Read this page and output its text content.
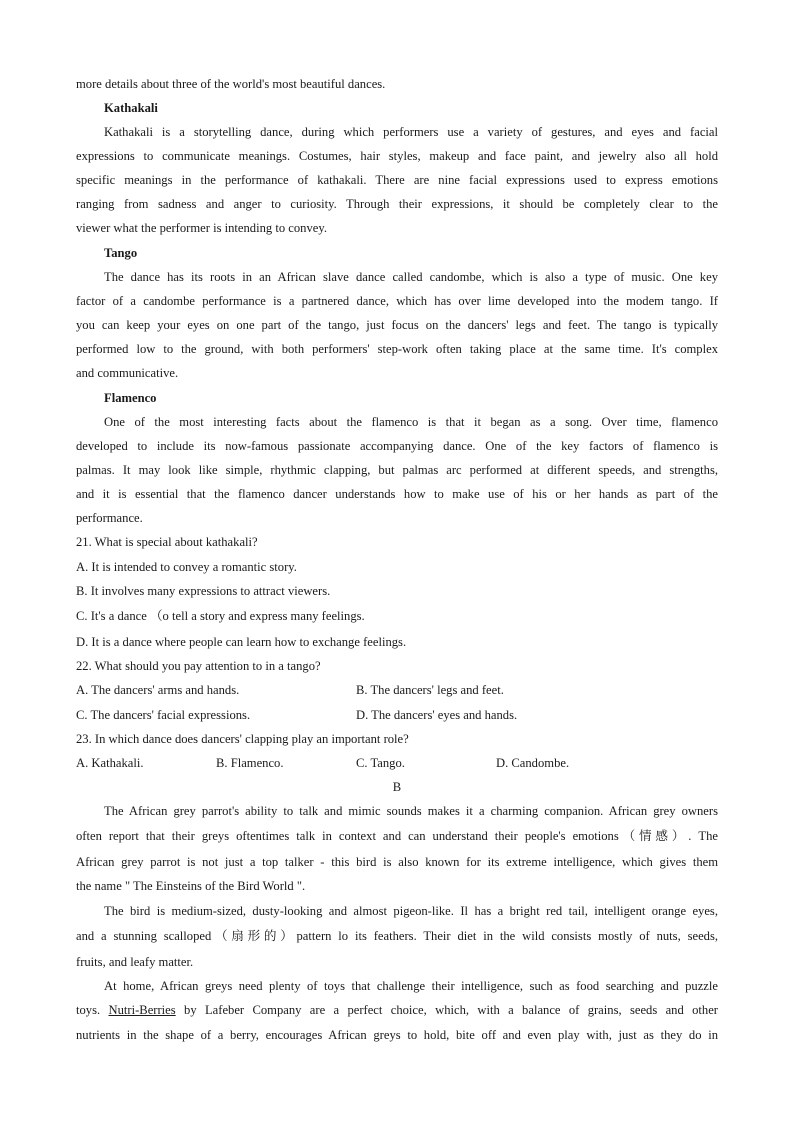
more details about three of the world's most beautiful dances.
Kathakali
Kathakali is a storytelling dance, during which performers use a variety of gestures, and eyes and facial
expressions to communicate meanings. Costumes, hair styles, makeup and face paint, and jewelry also all hold
specific meanings in the performance of kathakali. There are nine facial expressions used to express emotions
ranging from sadness and anger to curiosity. Through their expressions, it should be completely clear to the
viewer what the performer is intending to convey.
Tango
The dance has its roots in an African slave dance called candombe, which is also a type of music. One key
factor of a candombe performance is a partnered dance, which has over lime developed into the modem tango. If
you can keep your eyes on one part of the tango, just focus on the dancers' legs and feet. The tango is typically
performed low to the ground, with both performers' step-work often taking place at the same time. It's complex
and communicative.
Flamenco
One of the most interesting facts about the flamenco is that it began as a song. Over time, flamenco
developed to include its now-famous passionate accompanying dance. One of the key factors of flamenco is
palmas. It may look like simple, rhythmic clapping, but palmas arc performed at different speeds, and strengths,
and it is essential that the flamenco dancer understands how to make use of his or her hands as part of the
performance.
21. What is special about kathakali?
A. It is intended to convey a romantic story.
B. It involves many expressions to attract viewers.
C. It's a dance （o tell a story and express many feelings.
D. It is a dance where people can learn how to exchange feelings.
22. What should you pay attention to in a tango?
A. The dancers' arms and hands.	B. The dancers' legs and feet.
C. The dancers' facial expressions.	D. The dancers' eyes and hands.
23. In which dance does dancers' clapping play an important role?
A. Kathakali.	B. Flamenco.	C. Tango.	D. Candombe.
B
The African grey parrot's ability to talk and mimic sounds makes it a charming companion. African grey owners
often report that their greys oftentimes talk in context and can understand their people's emotions（情感）. The
African grey parrot is not just a top talker - this bird is also known for its extreme intelligence, which gives them
the name " The Einsteins of the Bird World ".
The bird is medium-sized, dusty-looking and almost pigeon-like. Il has a bright red tail, intelligent orange eyes,
and a stunning scalloped（扇形的）pattern lo its feathers. Their diet in the wild consists mostly of nuts, seeds,
fruits, and leafy matter.
At home, African greys need plenty of toys that challenge their intelligence, such as food searching and puzzle
toys. Nutri-Berries by Lafeber Company are a perfect choice, which, with a balance of grains, seeds and other
nutrients in the shape of a berry, encourages African greys to hold, bite off and even play with, just as they do in
